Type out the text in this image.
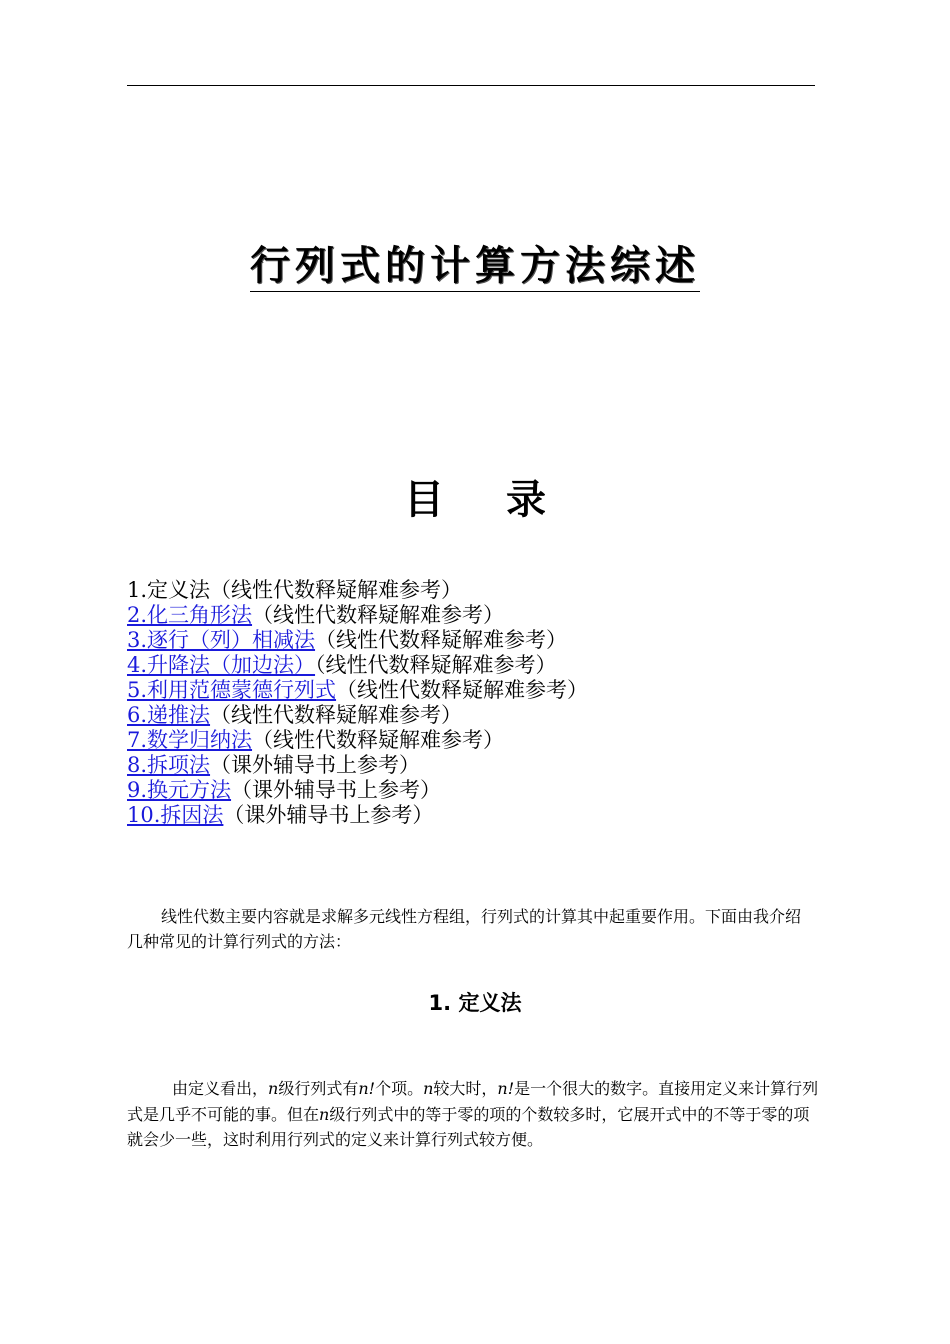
行列式的计算方法综述
目 录
1.定义法（线性代数释疑解难参考）
2.化三角形法（线性代数释疑解难参考）
3.逐行（列）相减法（线性代数释疑解难参考）
4.升降法（加边法）（线性代数释疑解难参考）
5.利用范德蒙德行列式（线性代数释疑解难参考）
6.递推法（线性代数释疑解难参考）
7.数学归纳法（线性代数释疑解难参考）
8.拆项法（课外辅导书上参考）
9.换元方法（课外辅导书上参考）
10.拆因法（课外辅导书上参考）

线性代数主要内容就是求解多元线性方程组，行列式的计算其中起重要作用。下面由我介绍几种常见的计算行列式的方法：

1. 定义法

由定义看出，n级行列式有n!个项。n较大时，n!是一个很大的数字。直接用定义来计算行列式是几乎不可能的事。但在n级行列式中的等于零的项的个数较多时，它展开式中的不等于零的项就会少一些，这时利用行列式的定义来计算行列式较方便。
